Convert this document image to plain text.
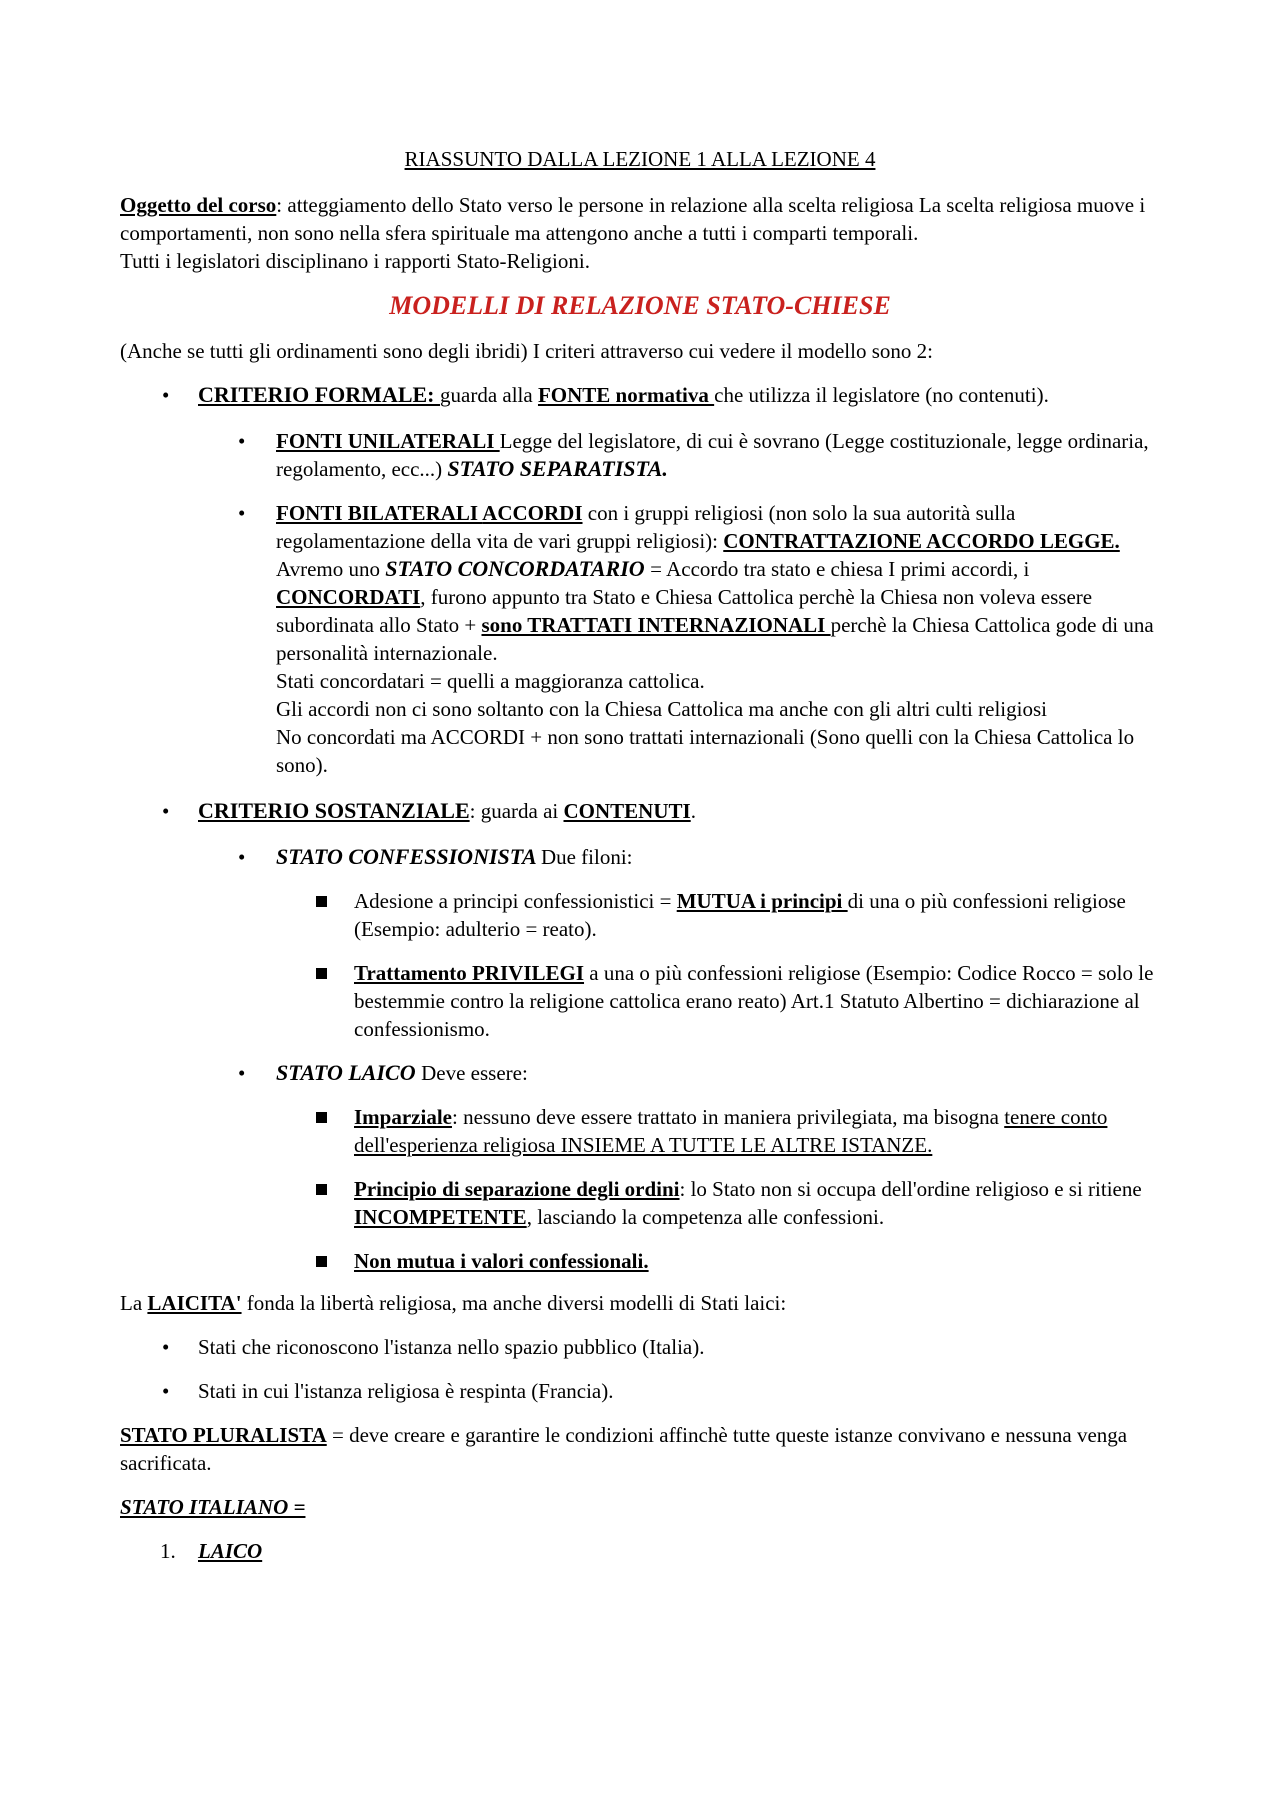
RIASSUNTO DALLA LEZIONE 1 ALLA LEZIONE 4

Oggetto del corso: atteggiamento dello Stato verso le persone in relazione alla scelta religiosa La scelta religiosa muove i comportamenti, non sono nella sfera spirituale ma attengono anche a tutti i comparti temporali.

Tutti i legislatori disciplinano i rapporti Stato-Religioni.

MODELLI DI RELAZIONE STATO-CHIESE

(Anche se tutti gli ordinamenti sono degli ibridi) I criteri attraverso cui vedere il modello sono 2:

• CRITERIO FORMALE: guarda alla FONTE normativa che utilizza il legislatore (no contenuti).
• FONTI UNILATERALI Legge del legislatore, di cui è sovrano (Legge costituzionale, legge ordinaria, regolamento, ecc...) STATO SEPARATISTA.
• FONTI BILATERALI ACCORDI con i gruppi religiosi (non solo la sua autorità sulla regolamentazione della vita de vari gruppi religiosi): CONTRATTAZIONE ACCORDO LEGGE. Avremo uno STATO CONCORDATARIO = Accordo tra stato e chiesa I primi accordi, i CONCORDATI, furono appunto tra Stato e Chiesa Cattolica perchè la Chiesa non voleva essere subordinata allo Stato + sono TRATTATI INTERNAZIONALI perchè la Chiesa Cattolica gode di una personalità internazionale.
Stati concordatari = quelli a maggioranza cattolica.
Gli accordi non ci sono soltanto con la Chiesa Cattolica ma anche con gli altri culti religiosi
No concordati ma ACCORDI + non sono trattati internazionali (Sono quelli con la Chiesa Cattolica lo sono).
• CRITERIO SOSTANZIALE: guarda ai CONTENUTI.
• STATO CONFESSIONISTA Due filoni:
Adesione a principi confessionistici = MUTUA i principi di una o più confessioni religiose (Esempio: adulterio = reato).
Trattamento PRIVILEGI a una o più confessioni religiose (Esempio: Codice Rocco = solo le bestemmie contro la religione cattolica erano reato) Art.1 Statuto Albertino = dichiarazione al confessionismo.
• STATO LAICO Deve essere:
Imparziale: nessuno deve essere trattato in maniera privilegiata, ma bisogna tenere conto dell'esperienza religiosa INSIEME A TUTTE LE ALTRE ISTANZE.
Principio di separazione degli ordini: lo Stato non si occupa dell'ordine religioso e si ritiene INCOMPETENTE, lasciando la competenza alle confessioni.
Non mutua i valori confessionali.

La LAICITA' fonda la libertà religiosa, ma anche diversi modelli di Stati laici:

• Stati che riconoscono l'istanza nello spazio pubblico (Italia).
• Stati in cui l'istanza religiosa è respinta (Francia).

STATO PLURALISTA = deve creare e garantire le condizioni affinchè tutte queste istanze convivano e nessuna venga sacrificata.

STATO ITALIANO =

1. LAICO
